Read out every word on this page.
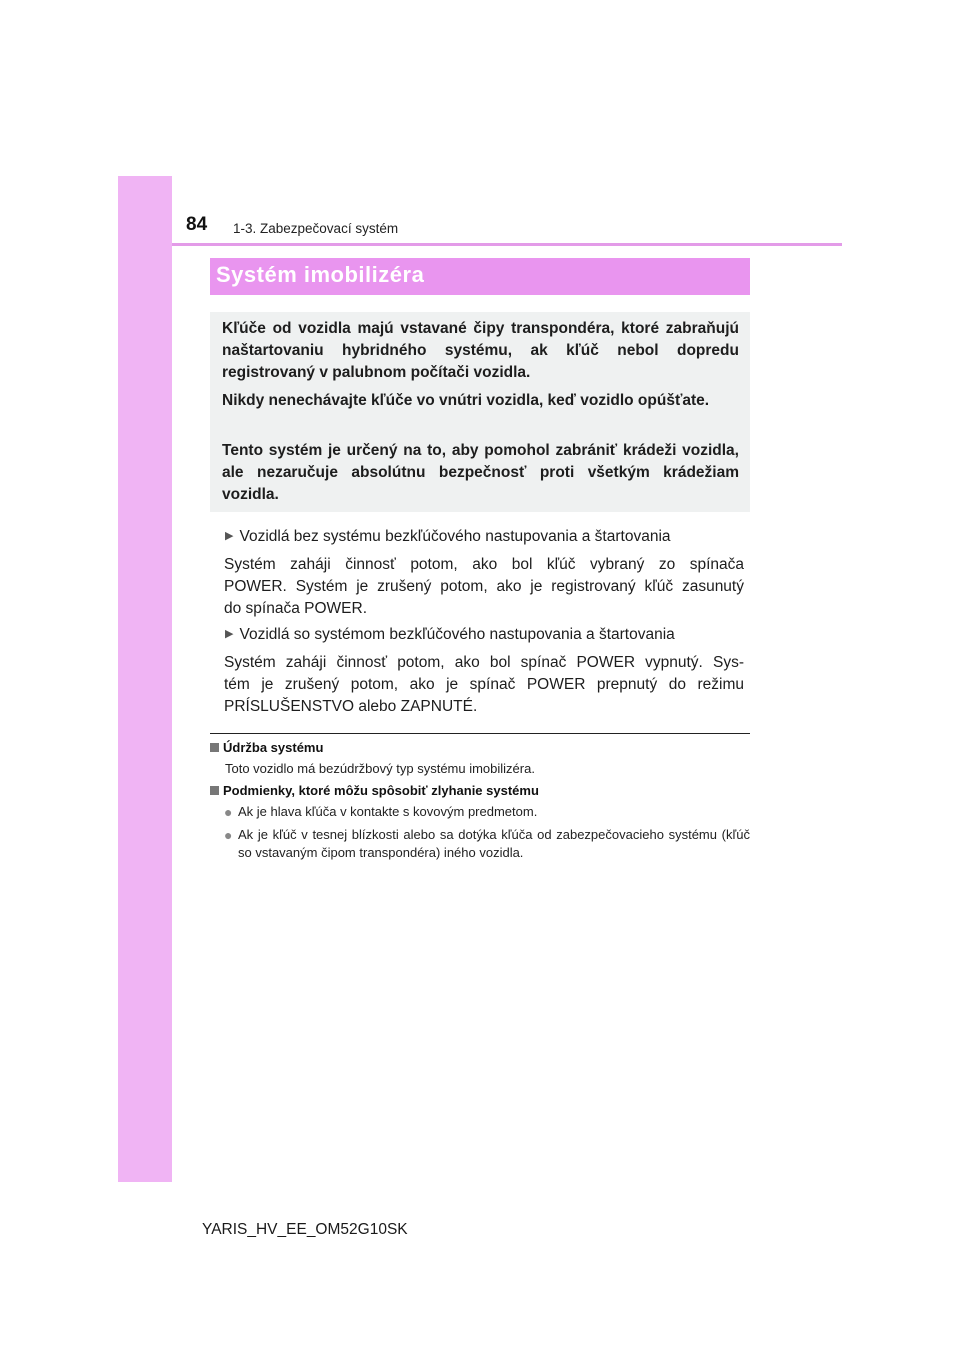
84 1-3. Zabezpečovací systém
Systém imobilizéra

Kľúče od vozidla majú vstavané čipy transpondéra, ktoré zabraňujú naštartovaniu hybridného systému, ak kľúč nebol dopredu registrovaný v palubnom počítači vozidla.

Nikdy nenechávajte kľúče vo vnútri vozidla, keď vozidlo opúšťate.

Tento systém je určený na to, aby pomohol zabrániť krádeži vozidla, ale nezaručuje absolútnu bezpečnosť proti všetkým krádežiam vozidla.

▶ Vozidlá bez systému bezkľúčového nastupovania a štartovania

Systém zaháji činnosť potom, ako bol kľúč vybraný zo spínača
POWER. Systém je zrušený potom, ako je registrovaný kľúč zasunutý
do spínača POWER.

▶ Vozidlá so systémom bezkľúčového nastupovania a štartovania

Systém zaháji činnosť potom, ako bol spínač POWER vypnutý. Sys-
tém je zrušený potom, ako je spínač POWER prepnutý do režimu
PRÍSLUŠENSTVO alebo ZAPNUTÉ.

Údržba systému
Toto vozidlo má bezúdržbový typ systému imobilizéra.
Podmienky, ktoré môžu spôsobiť zlyhanie systému
● Ak je hlava kľúča v kontakte s kovovým predmetom.
● Ak je kľúč v tesnej blízkosti alebo sa dotýka kľúča od zabezpečovacieho systému (kľúč so vstavaným čipom transpondéra) iného vozidla.
YARIS_HV_EE_OM52G10SK
